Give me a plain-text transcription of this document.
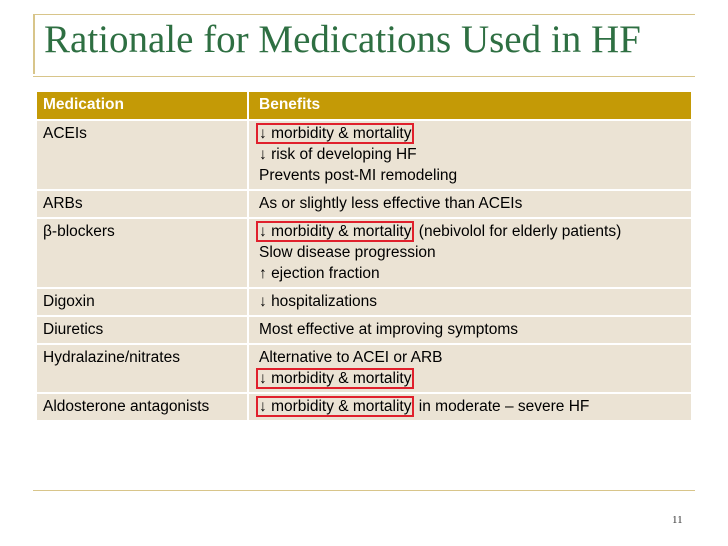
Rationale for Medications Used in HF
Medication	Benefits
ACEIs	↓ morbidity & mortality
↓ risk of developing HF
Prevents post-MI remodeling

ARBs	As or slightly less effective than ACEIs

β-blockers	↓ morbidity & mortality (nebivolol for elderly patients)
Slow disease progression
↑ ejection fraction

Digoxin	↓ hospitalizations

Diuretics	Most effective at improving symptoms

Hydralazine/nitrates	Alternative to ACEI or ARB
↓ morbidity & mortality

Aldosterone antagonists	↓ morbidity & mortality in moderate – severe HF
11
